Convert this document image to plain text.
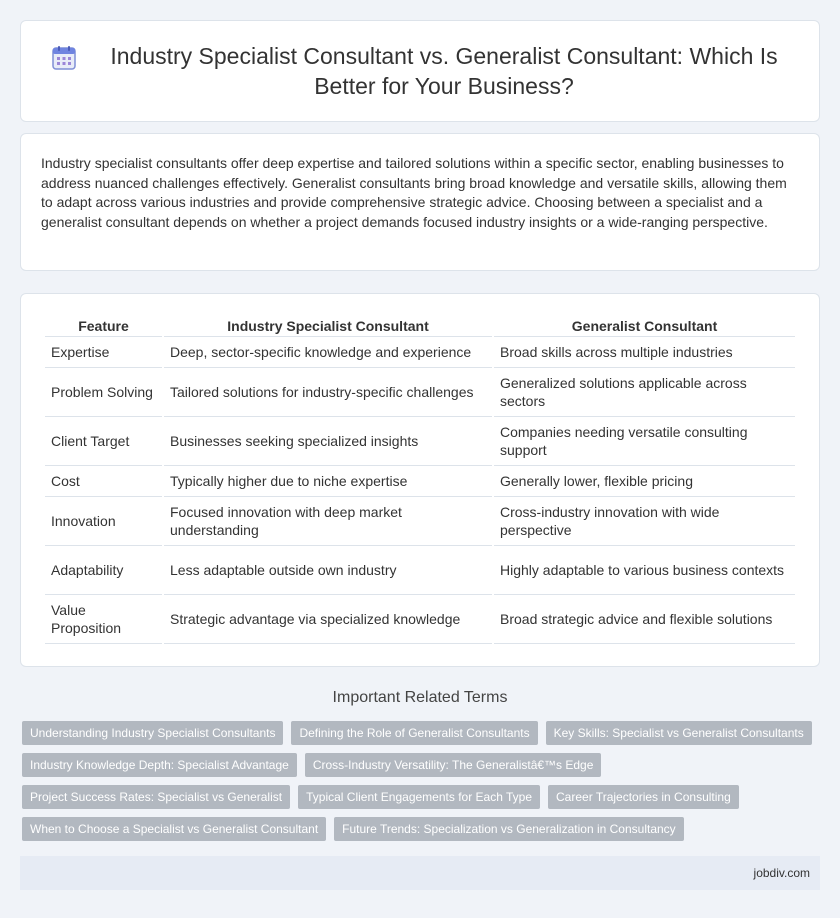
Industry Specialist Consultant vs. Generalist Consultant: Which Is Better for Your Business?

Industry specialist consultants offer deep expertise and tailored solutions within a specific sector, enabling businesses to address nuanced challenges effectively. Generalist consultants bring broad knowledge and versatile skills, allowing them to adapt across various industries and provide comprehensive strategic advice. Choosing between a specialist and a generalist consultant depends on whether a project demands focused industry insights or a wide-ranging perspective.

Feature	Industry Specialist Consultant	Generalist Consultant
Expertise	Deep, sector-specific knowledge and experience	Broad skills across multiple industries
Problem Solving	Tailored solutions for industry-specific challenges	Generalized solutions applicable across sectors
Client Target	Businesses seeking specialized insights	Companies needing versatile consulting support
Cost	Typically higher due to niche expertise	Generally lower, flexible pricing
Innovation	Focused innovation with deep market understanding	Cross-industry innovation with wide perspective
Adaptability	Less adaptable outside own industry	Highly adaptable to various business contexts
Value Proposition	Strategic advantage via specialized knowledge	Broad strategic advice and flexible solutions
Important Related Terms
Understanding Industry Specialist Consultants	Defining the Role of Generalist Consultants	Key Skills: Specialist vs Generalist Consultants
Industry Knowledge Depth: Specialist Advantage	Cross-Industry Versatility: The Generalistâ€™s Edge
Project Success Rates: Specialist vs Generalist	Typical Client Engagements for Each Type	Career Trajectories in Consulting
When to Choose a Specialist vs Generalist Consultant	Future Trends: Specialization vs Generalization in Consultancy
jobdiv.com
